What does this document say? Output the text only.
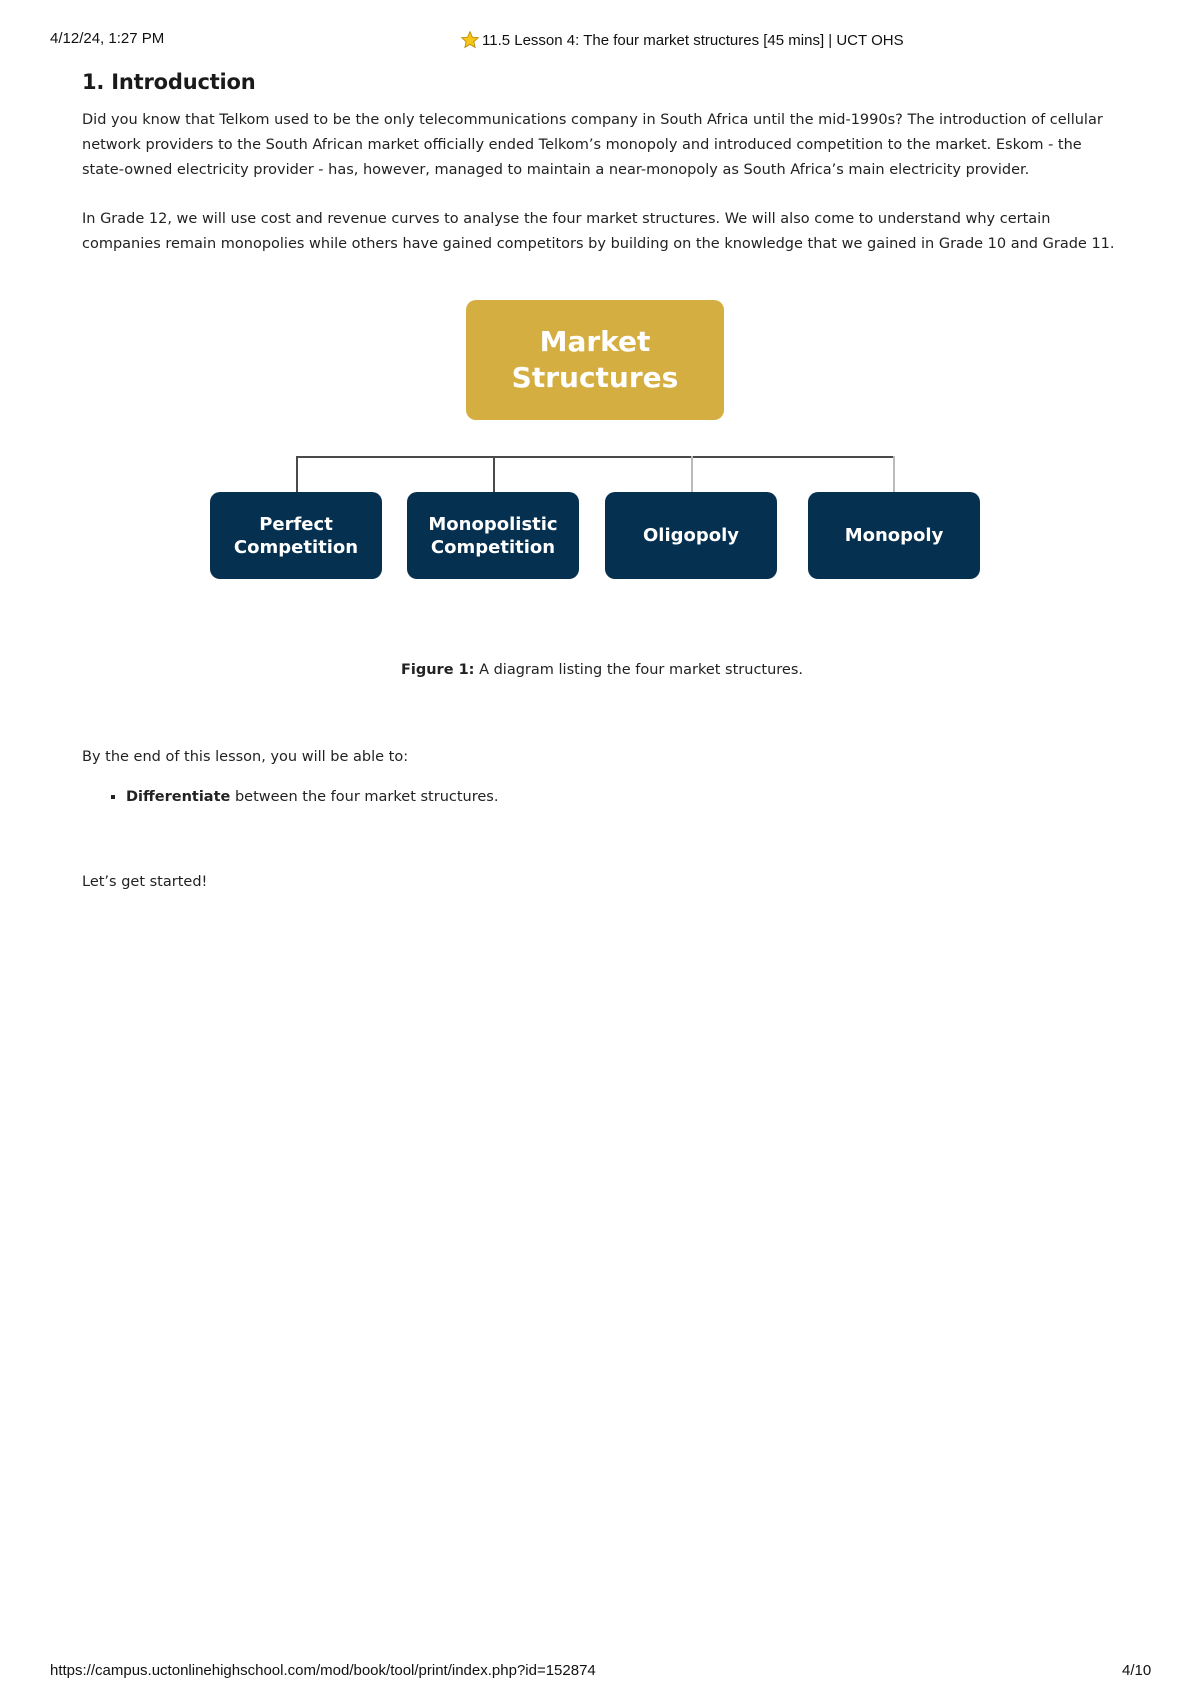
4/12/24, 1:27 PM	11.5 Lesson 4: The four market structures [45 mins] | UCT OHS
1. Introduction

Did you know that Telkom used to be the only telecommunications company in South Africa until the mid-1990s? The introduction of cellular network providers to the South African market officially ended Telkom’s monopoly and introduced competition to the market. Eskom - the state-owned electricity provider - has, however, managed to maintain a near-monopoly as South Africa’s main electricity provider.

In Grade 12, we will use cost and revenue curves to analyse the four market structures. We will also come to understand why certain companies remain monopolies while others have gained competitors by building on the knowledge that we gained in Grade 10 and Grade 11.

Market
Structures
Perfect
Competition
Monopolistic
Competition
Oligopoly	Monopoly
Figure 1: A diagram listing the four market structures.

By the end of this lesson, you will be able to:

▪ Differentiate between the four market structures.

Let’s get started!

https://campus.uctonlinehighschool.com/mod/book/tool/print/index.php?id=152874	4/10
